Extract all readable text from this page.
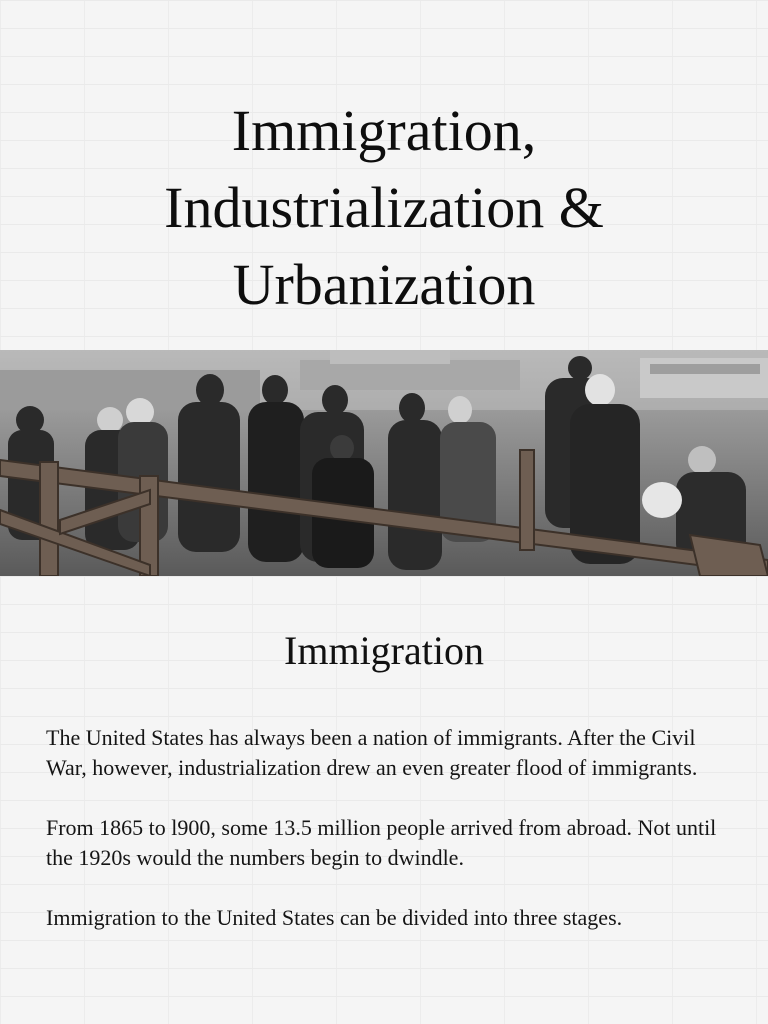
Immigration,
Industrialization &
Urbanization
Immigration

The United States has always been a nation of immigrants. After the Civil War, however, industrialization drew an even greater flood of immigrants.

From 1865 to l900, some 13.5 million people arrived from abroad. Not until the 1920s would the numbers begin to dwindle.

Immigration to the United States can be divided into three stages.
